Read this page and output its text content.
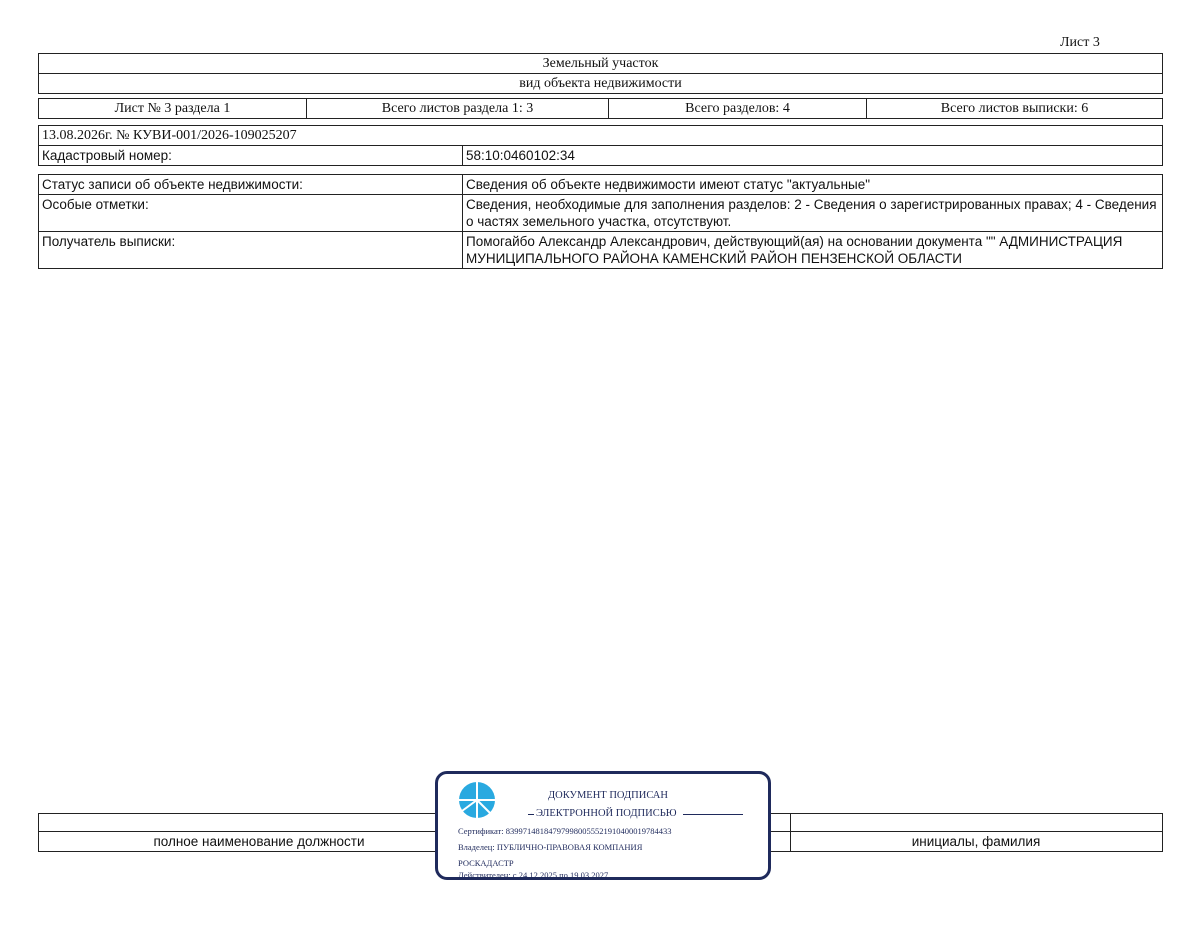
Лист 3
Земельный участок
вид объекта недвижимости
Лист № 3 раздела 1	Всего листов раздела 1: 3	Всего разделов: 4	Всего листов выписки: 6
13.08.2026г. № КУВИ-001/2026-109025207
Кадастровый номер:	58:10:0460102:34
Статус записи об объекте недвижимости:	Сведения об объекте недвижимости имеют статус "актуальные"
Особые отметки:	Сведения, необходимые для заполнения разделов: 2 - Сведения о зарегистрированных правах; 4 - Сведения о частях земельного участка, отсутствуют.
Получатель выписки:	Помогайбо Александр Александрович, действующий(ая) на основании документа "" АДМИНИСТРАЦИЯ МУНИЦИПАЛЬНОГО РАЙОНА КАМЕНСКИЙ РАЙОН ПЕНЗЕНСКОЙ ОБЛАСТИ
полное наименование должности	инициалы, фамилия
ДОКУМЕНТ ПОДПИСАН
ЭЛЕКТРОННОЙ ПОДПИСЬЮ
Сертификат: 839971481847979980055521910400019784433
Владелец: ПУБЛИЧНО-ПРАВОВАЯ КОМПАНИЯ
РОСКАДАСТР
Действителен: с 24.12.2025 по 19.03.2027
